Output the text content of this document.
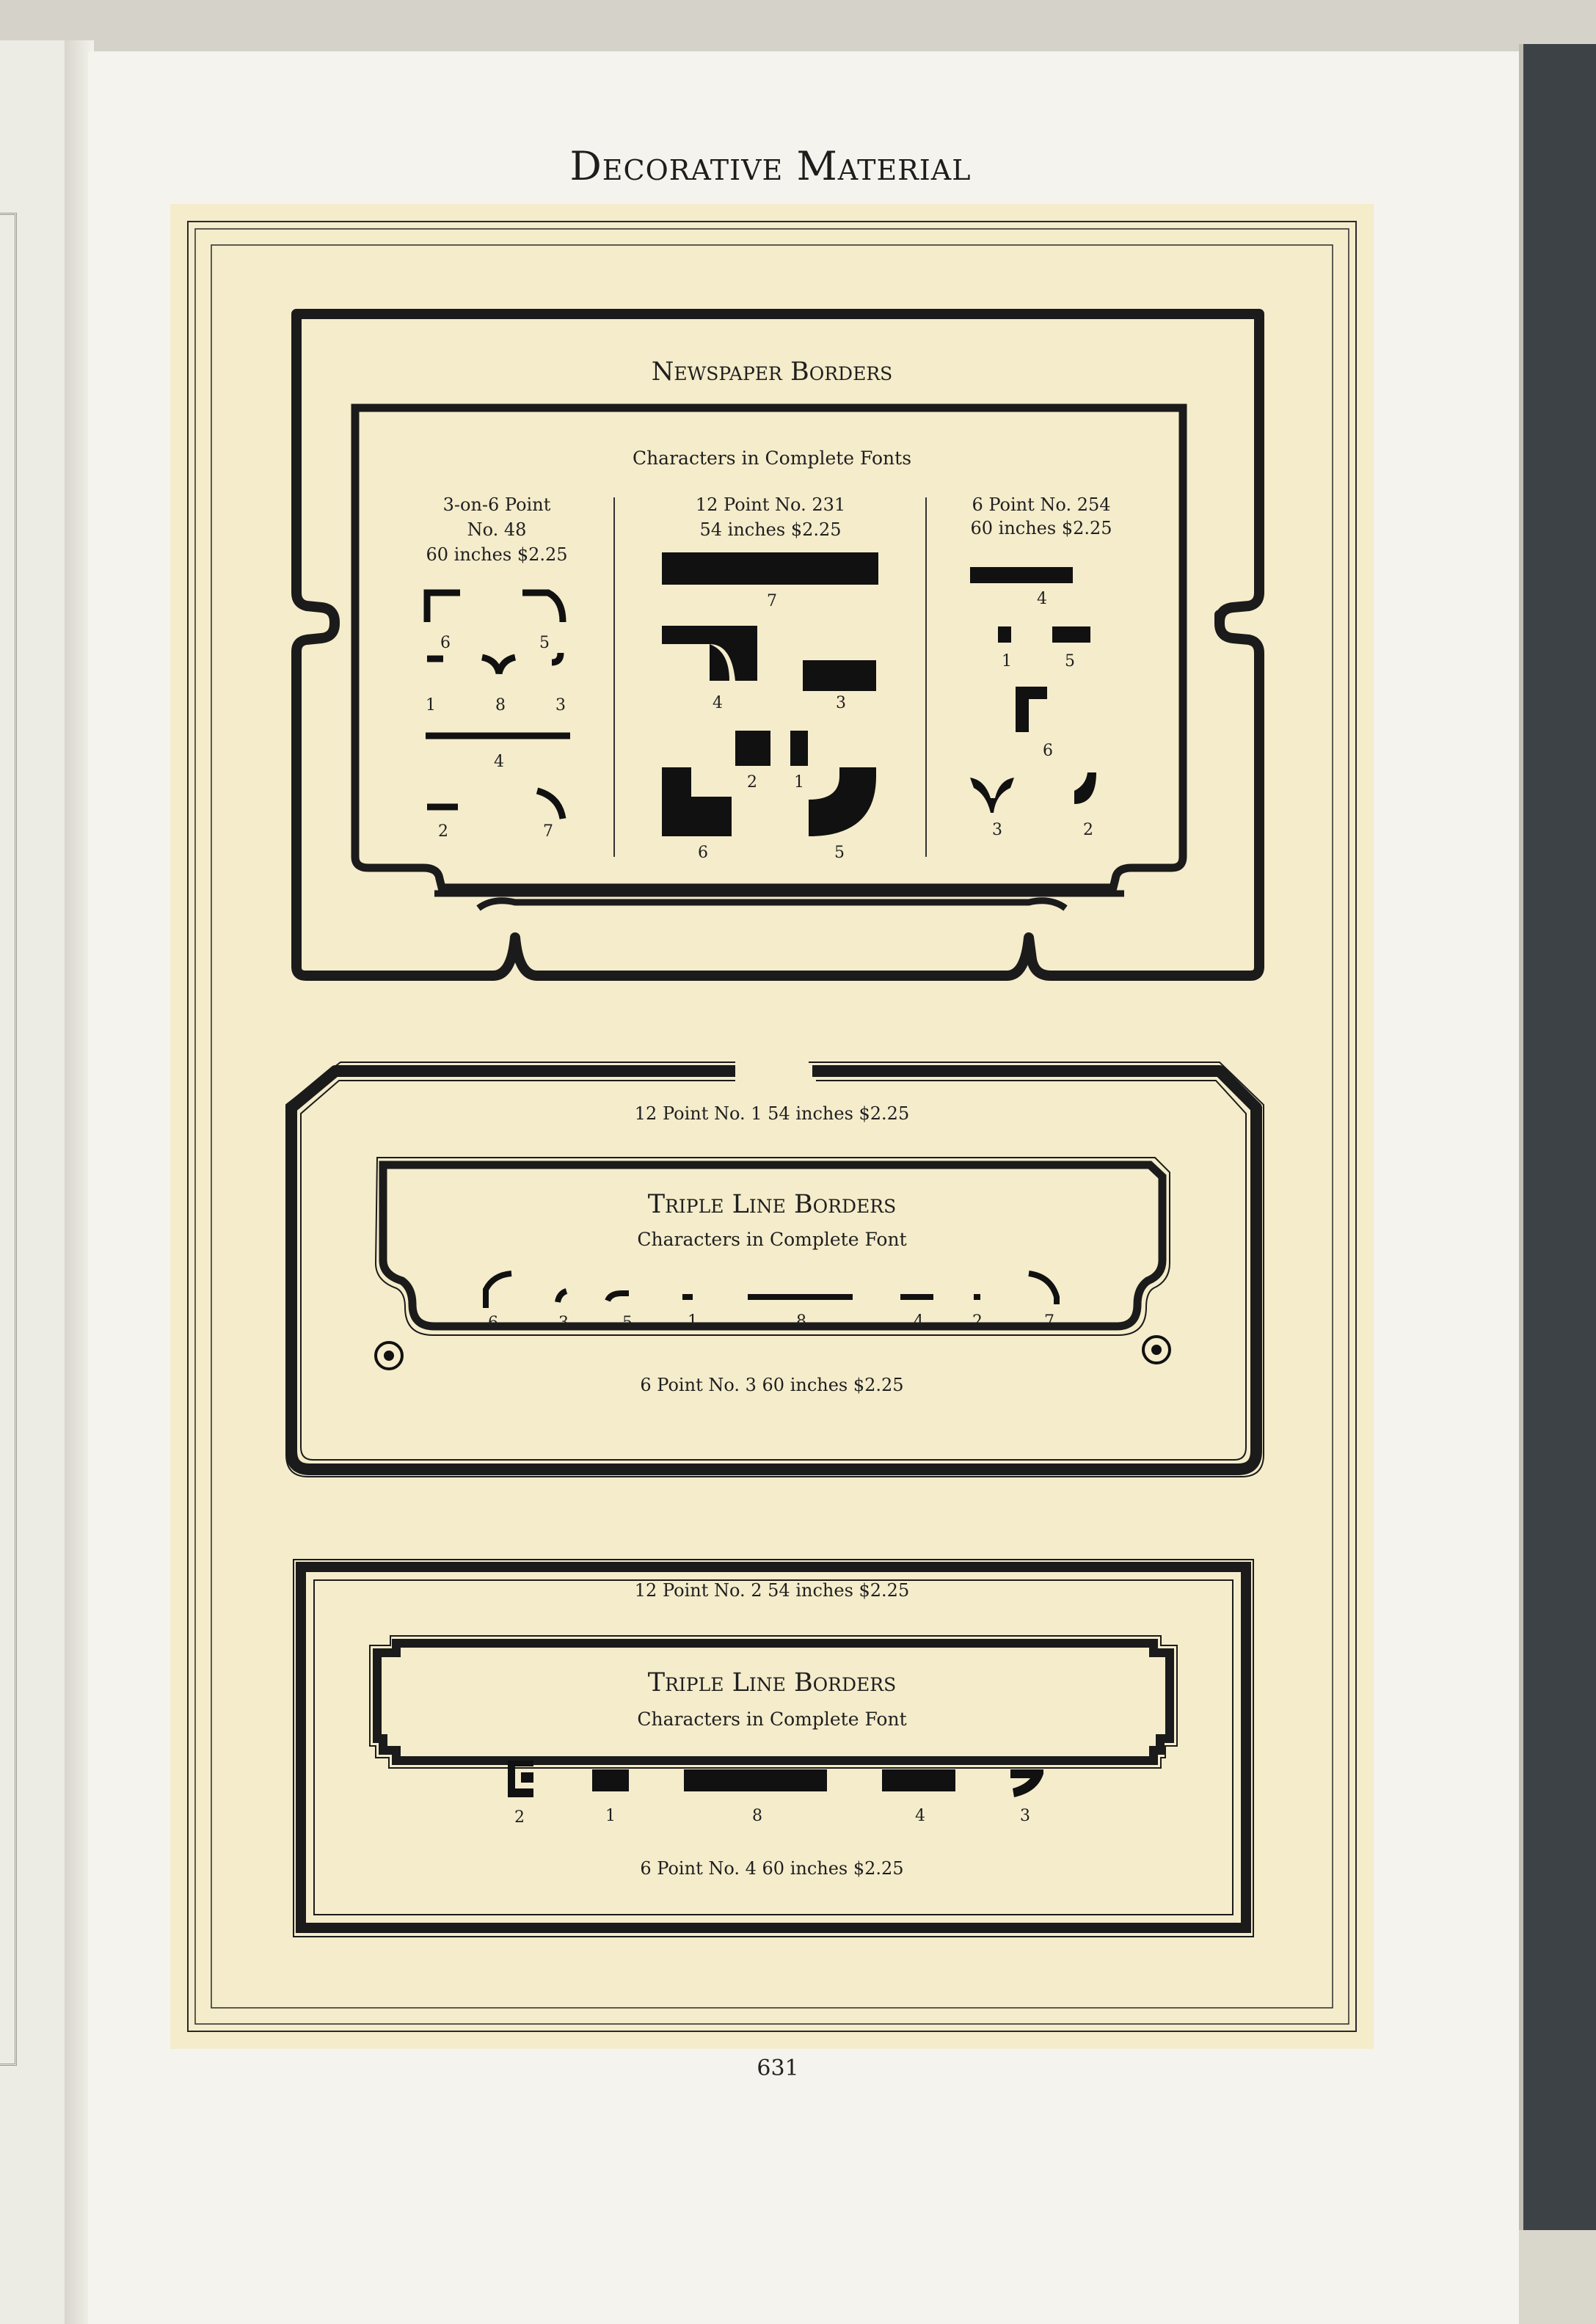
Decorative Material
Newspaper Borders
Characters in Complete Fonts
3-on-6 Point
No. 48
60 inches $2.25
6	5
1	8	3
4
2	7
12 Point No. 231
54 inches $2.25
7
4	3
2 1
6	5
6 Point No. 254
60 inches $2.25
4
1	5
6
3	2
12 Point No. 1 54 inches $2.25
Triple Line Borders
Characters in Complete Font
6	3	5	1	8	4	2	7
6 Point No. 3 60 inches $2.25
12 Point No. 2 54 inches $2.25
Triple Line Borders
Characters in Complete Font
2	1	8	4	3
6 Point No. 4 60 inches $2.25
631
